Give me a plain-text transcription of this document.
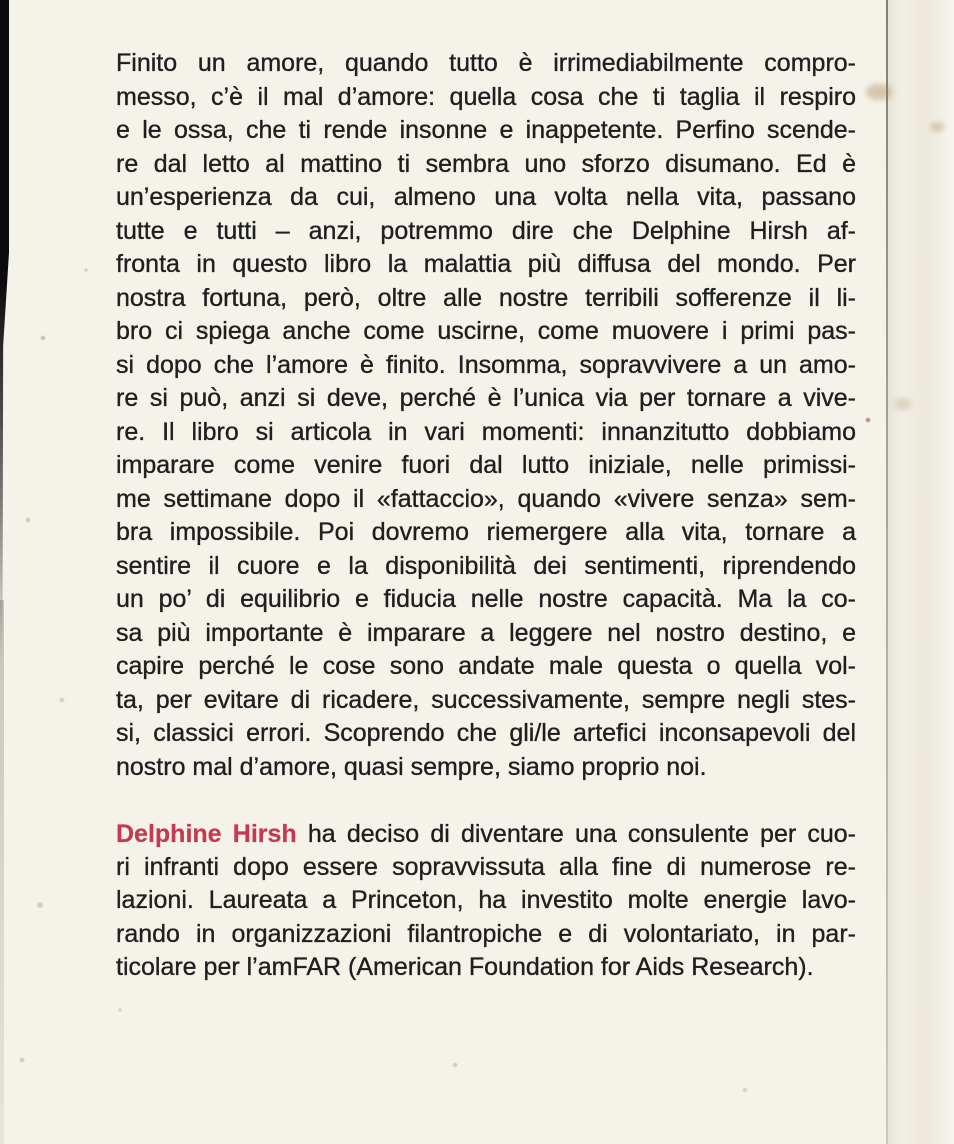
Finito un amore, quando tutto è irrimediabilmente compro-
messo, c’è il mal d’amore: quella cosa che ti taglia il respiro
e le ossa, che ti rende insonne e inappetente. Perfino scende-
re dal letto al mattino ti sembra uno sforzo disumano. Ed è
un’esperienza da cui, almeno una volta nella vita, passano
tutte e tutti – anzi, potremmo dire che Delphine Hirsh af-
fronta in questo libro la malattia più diffusa del mondo. Per
nostra fortuna, però, oltre alle nostre terribili sofferenze il li-
bro ci spiega anche come uscirne, come muovere i primi pas-
si dopo che l’amore è finito. Insomma, sopravvivere a un amo-
re si può, anzi si deve, perché è l’unica via per tornare a vive-
re. Il libro si articola in vari momenti: innanzitutto dobbiamo
imparare come venire fuori dal lutto iniziale, nelle primissi-
me settimane dopo il «fattaccio», quando «vivere senza» sem-
bra impossibile. Poi dovremo riemergere alla vita, tornare a
sentire il cuore e la disponibilità dei sentimenti, riprendendo
un po’ di equilibrio e fiducia nelle nostre capacità. Ma la co-
sa più importante è imparare a leggere nel nostro destino, e
capire perché le cose sono andate male questa o quella vol-
ta, per evitare di ricadere, successivamente, sempre negli stes-
si, classici errori. Scoprendo che gli/le artefici inconsapevoli del
nostro mal d’amore, quasi sempre, siamo proprio noi.
Delphine Hirsh ha deciso di diventare una consulente per cuo-
ri infranti dopo essere sopravvissuta alla fine di numerose re-
lazioni. Laureata a Princeton, ha investito molte energie lavo-
rando in organizzazioni filantropiche e di volontariato, in par-
ticolare per l’amFAR (American Foundation for Aids Research).
